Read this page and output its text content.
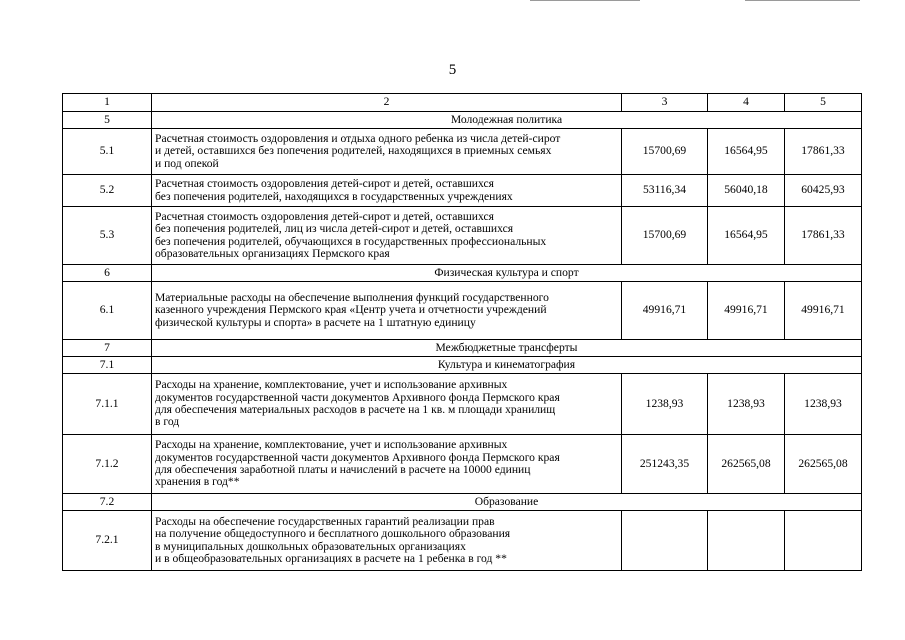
5
1	2	3	4	5
5	Молодежная политика			
5.1	Расчетная стоимость оздоровления и отдыха одного ребенка из числа детей-сирот
и детей, оставшихся без попечения родителей, находящихся в приемных семьях
и под опекой	15700,69	16564,95	17861,33
5.2	Расчетная стоимость оздоровления детей-сирот и детей, оставшихся
без попечения родителей, находящихся в государственных учреждениях	53116,34	56040,18	60425,93
5.3	Расчетная стоимость оздоровления детей-сирот и детей, оставшихся
без попечения родителей, лиц из числа детей-сирот и детей, оставшихся
без попечения родителей, обучающихся в государственных профессиональных
образовательных организациях Пермского края	15700,69	16564,95	17861,33
6	Физическая культура и спорт			
6.1	Материальные расходы на обеспечение выполнения функций государственного
казенного учреждения Пермского края «Центр учета и отчетности учреждений
физической культуры и спорта» в расчете на 1 штатную единицу	49916,71	49916,71	49916,71
7	Межбюджетные трансферты			
7.1	Культура и кинематография			
7.1.1	Расходы на хранение, комплектование, учет и использование архивных
документов государственной части документов Архивного фонда Пермского края
для обеспечения материальных расходов в расчете на 1 кв. м площади хранилищ
в год	1238,93	1238,93	1238,93
7.1.2	Расходы на хранение, комплектование, учет и использование архивных
документов государственной части документов Архивного фонда Пермского края
для обеспечения заработной платы и начислений в расчете на 10000 единиц
хранения в год**	251243,35	262565,08	262565,08
7.2	Образование			
7.2.1	Расходы на обеспечение государственных гарантий реализации прав
на получение общедоступного и бесплатного дошкольного образования
в муниципальных дошкольных образовательных организациях
и в общеобразовательных организациях в расчете на 1 ребенка в год **			
